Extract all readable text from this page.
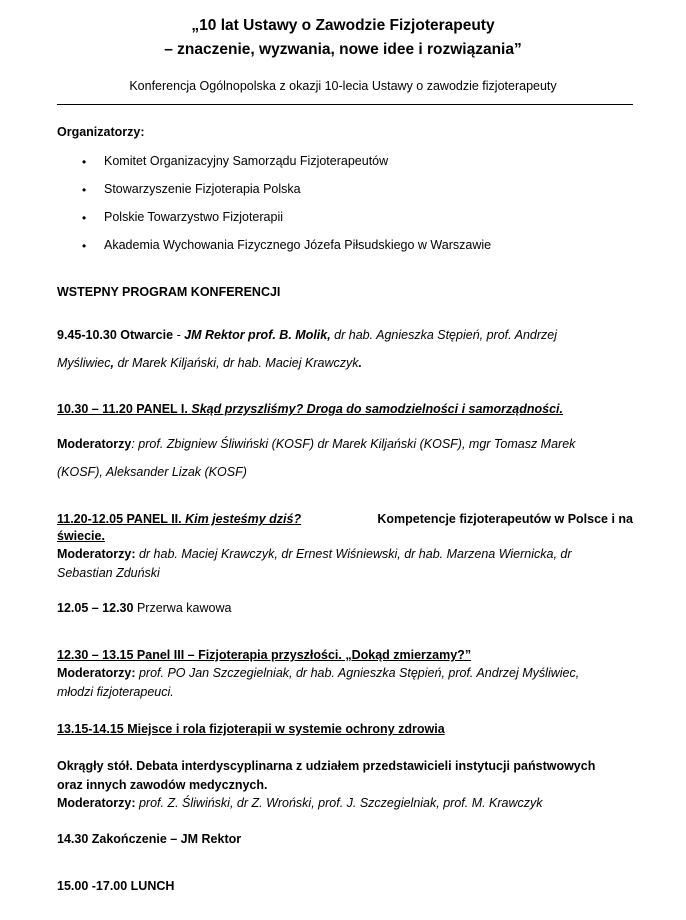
„10 lat Ustawy o Zawodzie Fizjoterapeuty
– znaczenie, wyzwania, nowe idee i rozwiązania”
Konferencja Ogólnopolska z okazji 10-lecia Ustawy o zawodzie fizjoterapeuty
Organizatorzy:
• Komitet Organizacyjny Samorządu Fizjoterapeutów
• Stowarzyszenie Fizjoterapia Polska
• Polskie Towarzystwo Fizjoterapii
• Akademia Wychowania Fizycznego Józefa Piłsudskiego w Warszawie
WSTEPNY PROGRAM KONFERENCJI
9.45-10.30 Otwarcie - JM Rektor prof. B. Molik, dr hab. Agnieszka Stępień, prof. Andrzej
Myśliwiec, dr Marek Kiljański, dr hab. Maciej Krawczyk.
10.30 – 11.20 PANEL I. Skąd przyszliśmy? Droga do samodzielności i samorządności.
Moderatorzy: prof. Zbigniew Śliwiński (KOSF) dr Marek Kiljański (KOSF), mgr Tomasz Marek
(KOSF), Aleksander Lizak (KOSF)
11.20-12.05 PANEL II. Kim jesteśmy dziś?	Kompetencje fizjoterapeutów w Polsce i na
świecie.
Moderatorzy: dr hab. Maciej Krawczyk, dr Ernest Wiśniewski, dr hab. Marzena Wiernicka, dr
Sebastian Zduński
12.05 – 12.30 Przerwa kawowa
12.30 – 13.15 Panel III – Fizjoterapia przyszłości. „Dokąd zmierzamy?”
Moderatorzy: prof. PO Jan Szczegielniak, dr hab. Agnieszka Stępień, prof. Andrzej Myśliwiec,
młodzi fizjoterapeuci.
13.15-14.15 Miejsce i rola fizjoterapii w systemie ochrony zdrowia
Okrągły stół. Debata interdyscyplinarna z udziałem przedstawicieli instytucji państwowych
oraz innych zawodów medycznych.
Moderatorzy: prof. Z. Śliwiński, dr Z. Wroński, prof. J. Szczegielniak, prof. M. Krawczyk
14.30 Zakończenie – JM Rektor
15.00 -17.00 LUNCH
